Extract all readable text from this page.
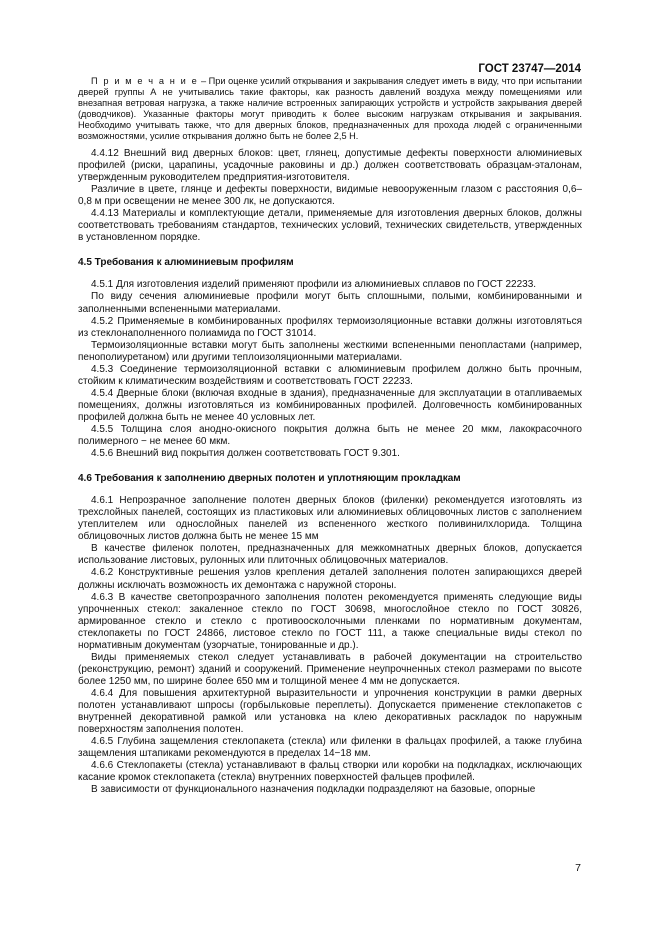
ГОСТ 23747—2014

П р и м е ч а н и е – При оценке усилий открывания и закрывания следует иметь в виду, что при испытании дверей группы А не учитывались такие факторы, как разность давлений воздуха между помещениями или внезапная ветровая нагрузка, а также наличие встроенных запирающих устройств и устройств закрывания дверей (доводчиков). Указанные факторы могут приводить к более высоким нагрузкам открывания и закрывания. Необходимо учитывать также, что для дверных блоков, предназначенных для прохода людей с ограниченными возможностями, усилие открывания должно быть не более 2,5 Н.

4.4.12 Внешний вид дверных блоков: цвет, глянец, допустимые дефекты поверхности алюминиевых профилей (риски, царапины, усадочные раковины и др.) должен соответствовать образцам-эталонам, утвержденным руководителем предприятия-изготовителя.

Различие в цвете, глянце и дефекты поверхности, видимые невооруженным глазом с расстояния 0,6–0,8 м при освещении не менее 300 лк, не допускаются.

4.4.13 Материалы и комплектующие детали, применяемые для изготовления дверных блоков, должны соответствовать требованиям стандартов, технических условий, технических свидетельств, утвержденных в установленном порядке.

4.5 Требования к алюминиевым профилям

4.5.1 Для изготовления изделий применяют профили из алюминиевых сплавов по ГОСТ 22233.

По виду сечения алюминиевые профили могут быть сплошными, полыми, комбинированными и заполненными вспененными материалами.

4.5.2 Применяемые в комбинированных профилях термоизоляционные вставки должны изготовляться из стеклонаполненного полиамида по ГОСТ 31014.

Термоизоляционные вставки могут быть заполнены жесткими вспененными пенопластами (например, пенополиуретаном) или другими теплоизоляционными материалами.

4.5.3 Соединение термоизоляционной вставки с алюминиевым профилем должно быть прочным, стойким к климатическим воздействиям и соответствовать ГОСТ 22233.

4.5.4 Дверные блоки (включая входные в здания), предназначенные для эксплуатации в отапливаемых помещениях, должны изготовляться из комбинированных профилей. Долговечность комбинированных профилей должна быть не менее 40 условных лет.

4.5.5 Толщина слоя анодно-окисного покрытия должна быть не менее 20 мкм, лакокрасочного полимерного − не менее 60 мкм.

4.5.6 Внешний вид покрытия должен соответствовать ГОСТ 9.301.

4.6 Требования к заполнению дверных полотен и уплотняющим прокладкам

4.6.1 Непрозрачное заполнение полотен дверных блоков (филенки) рекомендуется изготовлять из трехслойных панелей, состоящих из пластиковых или алюминиевых облицовочных листов с заполнением утеплителем или однослойных панелей из вспененного жесткого поливинилхлорида. Толщина облицовочных листов должна быть не менее 15 мм

В качестве филенок полотен, предназначенных для межкомнатных дверных блоков, допускается использование листовых, рулонных или плиточных облицовочных материалов.

4.6.2 Конструктивные решения узлов крепления деталей заполнения полотен запирающихся дверей должны исключать возможность их демонтажа с наружной стороны.

4.6.3 В качестве светопрозрачного заполнения полотен рекомендуется применять следующие виды упрочненных стекол: закаленное стекло по ГОСТ 30698, многослойное стекло по ГОСТ 30826, армированное стекло и стекло с противоосколочными пленками по нормативным документам, стеклопакеты по ГОСТ 24866, листовое стекло по ГОСТ 111, а также специальные виды стекол по нормативным документам (узорчатые, тонированные и др.).

Виды применяемых стекол следует устанавливать в рабочей документации на строительство (реконструкцию, ремонт) зданий и сооружений. Применение неупрочненных стекол размерами по высоте более 1250 мм, по ширине более 650 мм и толщиной менее 4 мм не допускается.

4.6.4 Для повышения архитектурной выразительности и упрочнения конструкции в рамки дверных полотен устанавливают шпросы (горбыльковые переплеты). Допускается применение стеклопакетов с внутренней декоративной рамкой или установка на клею декоративных раскладок по наружным поверхностям заполнения полотен.

4.6.5 Глубина защемления стеклопакета (стекла) или филенки в фальцах профилей, а также глубина защемления штапиками рекомендуются в пределах 14−18 мм.

4.6.6 Стеклопакеты (стекла) устанавливают в фальц створки или коробки на подкладках, исключающих касание кромок стеклопакета (стекла) внутренних поверхностей фальцев профилей.

В зависимости от функционального назначения подкладки подразделяют на базовые, опорные

7
